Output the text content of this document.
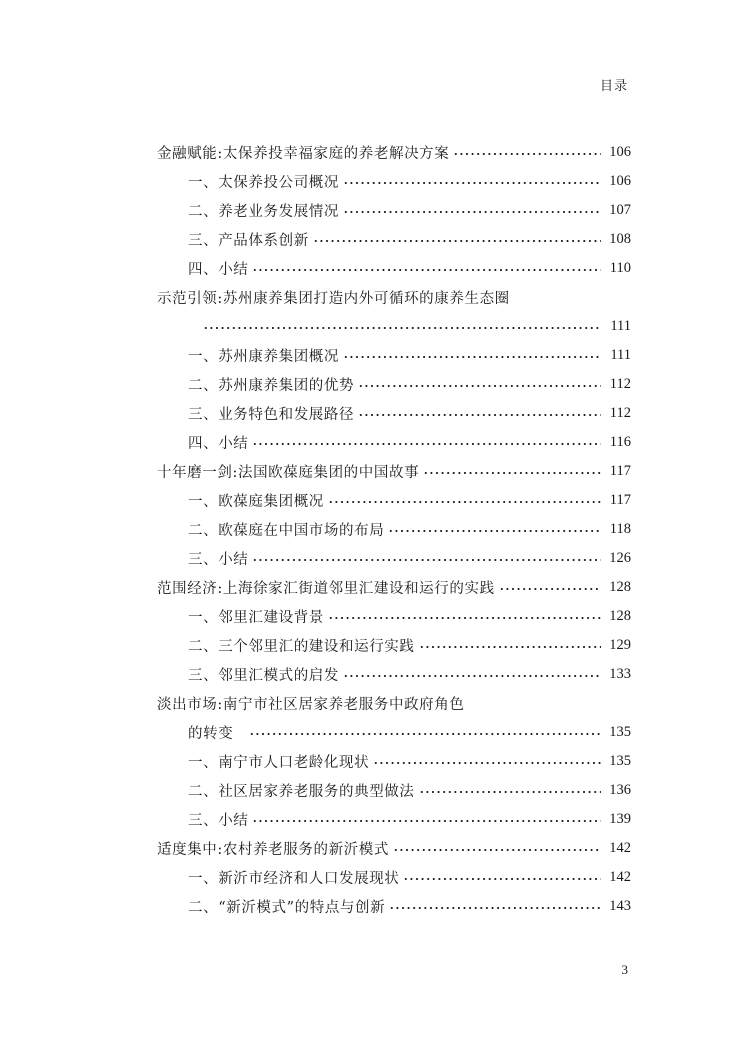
目录
金融赋能:太保养投幸福家庭的养老解决方案	106
一、太保养投公司概况	106
二、养老业务发展情况	107
三、产品体系创新	108
四、小结	110
示范引领:苏州康养集团打造内外可循环的康养生态圈
111
一、苏州康养集团概况	111
二、苏州康养集团的优势	112
三、业务特色和发展路径	112
四、小结	116
十年磨一剑:法国欧葆庭集团的中国故事	117
一、欧葆庭集团概况	117
二、欧葆庭在中国市场的布局	118
三、小结	126
范围经济:上海徐家汇街道邻里汇建设和运行的实践	128
一、邻里汇建设背景	128
二、三个邻里汇的建设和运行实践	129
三、邻里汇模式的启发	133
淡出市场:南宁市社区居家养老服务中政府角色
的转变	135
一、南宁市人口老龄化现状	135
二、社区居家养老服务的典型做法	136
三、小结	139
适度集中:农村养老服务的新沂模式	142
一、新沂市经济和人口发展现状	142
二、“新沂模式”的特点与创新	143
3
